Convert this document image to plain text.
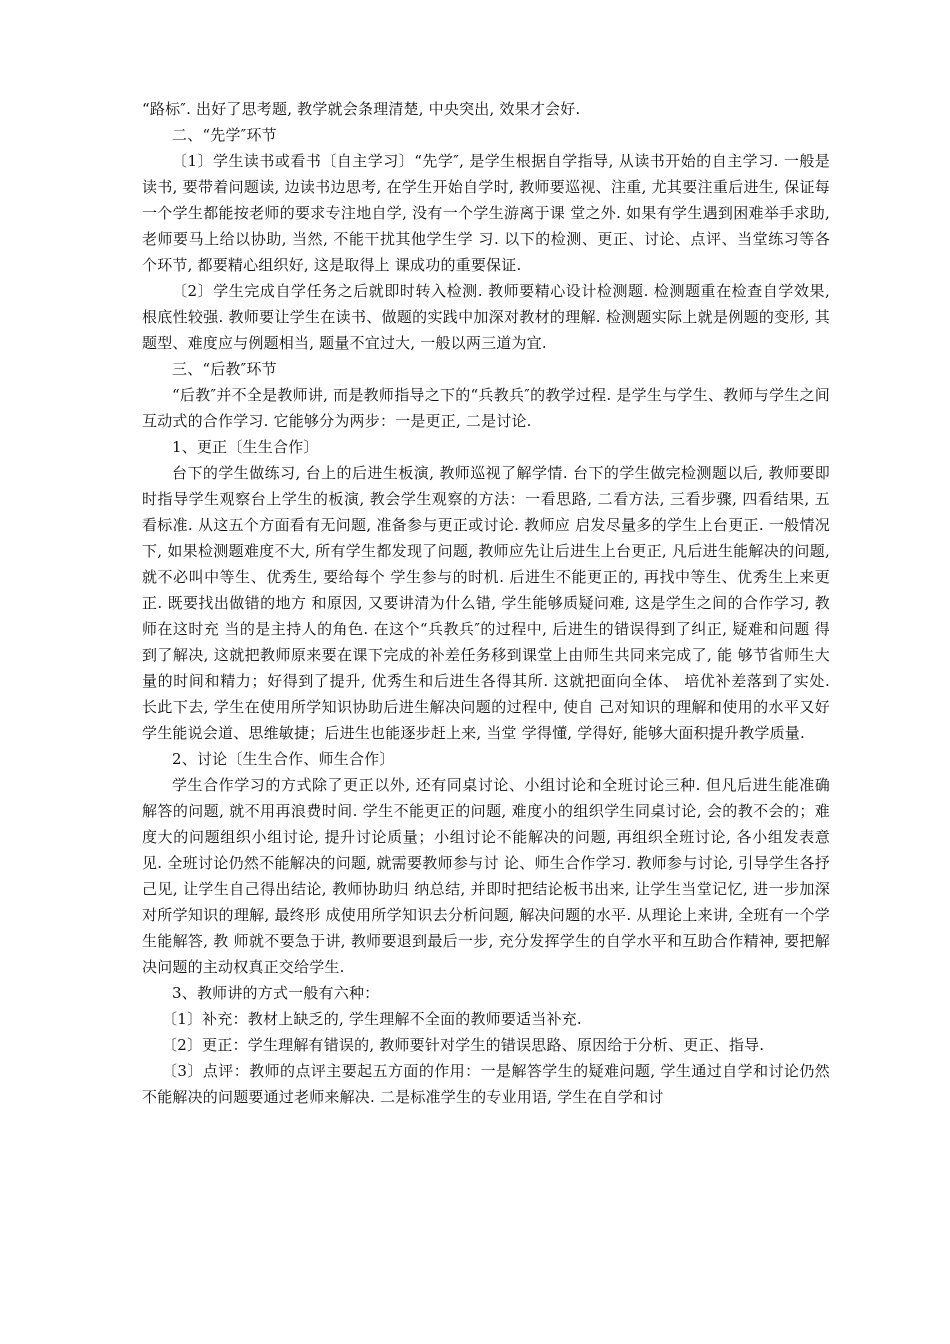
“路标″. 出好了思考题, 教学就会条理清楚, 中央突出, 效果才会好.

二、“先学″环节

〔1〕学生读书或看书〔自主学习〕“先学″, 是学生根据自学指导, 从读书开始的自主学习. 一般是读书, 要带着问题读, 边读书边思考, 在学生开始自学时, 教师要巡视、注重, 尤其要注重后进生, 保证每一个学生都能按老师的要求专注地自学, 没有一个学生游离于课 堂之外. 如果有学生遇到困难举手求助, 老师要马上给以协助, 当然, 不能干扰其他学生学 习. 以下的检测、更正、讨论、点评、当堂练习等各个环节, 都要精心组织好, 这是取得上 课成功的重要保证.

〔2〕学生完成自学任务之后就即时转入检测. 教师要精心设计检测题. 检测题重在检查自学效果, 根底性较强. 教师要让学生在读书、做题的实践中加深对教材的理解. 检测题实际上就是例题的变形, 其题型、难度应与例题相当, 题量不宜过大, 一般以两三道为宜.

三、“后教″环节

“后教″并不全是教师讲, 而是教师指导之下的“兵教兵″的教学过程. 是学生与学生、教师与学生之间互动式的合作学习. 它能够分为两步：一是更正, 二是讨论.

1、更正〔生生合作〕

台下的学生做练习, 台上的后进生板演, 教师巡视了解学情. 台下的学生做完检测题以后, 教师要即时指导学生观察台上学生的板演, 教会学生观察的方法：一看思路, 二看方法, 三看步骤, 四看结果, 五看标准. 从这五个方面看有无问题, 准备参与更正或讨论. 教师应 启发尽量多的学生上台更正. 一般情况下, 如果检测题难度不大, 所有学生都发现了问题, 教师应先让后进生上台更正, 凡后进生能解决的问题, 就不必叫中等生、优秀生, 要给每个 学生参与的时机. 后进生不能更正的, 再找中等生、优秀生上来更正. 既要找出做错的地方 和原因, 又要讲清为什么错, 学生能够质疑问难, 这是学生之间的合作学习, 教师在这时充 当的是主持人的角色. 在这个“兵教兵″的过程中, 后进生的错误得到了纠正, 疑难和问题 得到了解决, 这就把教师原来要在课下完成的补差任务移到课堂上由师生共同来完成了, 能 够节省师生大量的时间和精力；好得到了提升, 优秀生和后进生各得其所. 这就把面向全体、 培优补差落到了实处. 长此下去, 学生在使用所学知识协助后进生解决问题的过程中, 使自 己对知识的理解和使用的水平又好学生能说会道、思维敏捷；后进生也能逐步赶上来, 当堂 学得懂, 学得好, 能够大面积提升教学质量.

2、讨论〔生生合作、师生合作〕

学生合作学习的方式除了更正以外, 还有同桌讨论、小组讨论和全班讨论三种. 但凡后进生能准确解答的问题, 就不用再浪费时间. 学生不能更正的问题, 难度小的组织学生同桌讨论, 会的教不会的；难度大的问题组织小组讨论, 提升讨论质量；小组讨论不能解决的问题, 再组织全班讨论, 各小组发表意见. 全班讨论仍然不能解决的问题, 就需要教师参与讨 论、师生合作学习. 教师参与讨论, 引导学生各抒己见, 让学生自己得出结论, 教师协助归 纳总结, 并即时把结论板书出来, 让学生当堂记忆, 进一步加深对所学知识的理解, 最终形 成使用所学知识去分析问题, 解决问题的水平. 从理论上来讲, 全班有一个学生能解答, 教 师就不要急于讲, 教师要退到最后一步, 充分发挥学生的自学水平和互助合作精神, 要把解 决问题的主动权真正交给学生.

3、教师讲的方式一般有六种：

〔1〕补充：教材上缺乏的, 学生理解不全面的教师要适当补充.

〔2〕更正：学生理解有错误的, 教师要针对学生的错误思路、原因给于分析、更正、指导.

〔3〕点评：教师的点评主要起五方面的作用：一是解答学生的疑难问题, 学生通过自学和讨论仍然不能解决的问题要通过老师来解决. 二是标准学生的专业用语, 学生在自学和讨
